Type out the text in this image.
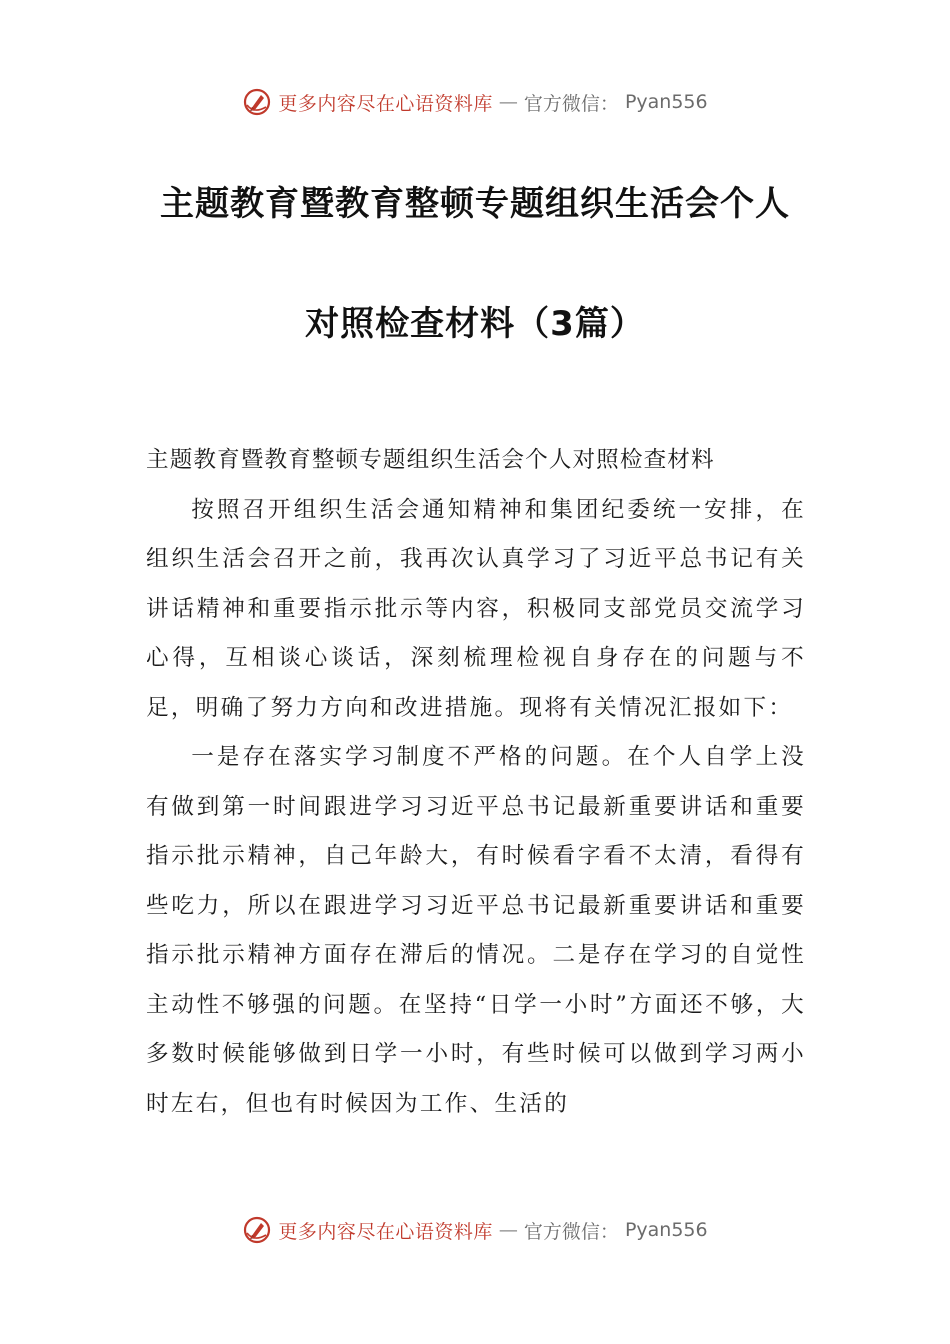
更多内容尽在心语资料库 — 官方微信： Pyan556
主题教育暨教育整顿专题组织生活会个人
对照检查材料（3篇）

主题教育暨教育整顿专题组织生活会个人对照检查材料

按照召开组织生活会通知精神和集团纪委统一安排，在组织生活会召开之前，我再次认真学习了习近平总书记有关讲话精神和重要指示批示等内容，积极同支部党员交流学习心得，互相谈心谈话，深刻梳理检视自身存在的问题与不足，明确了努力方向和改进措施。现将有关情况汇报如下：

一是存在落实学习制度不严格的问题。在个人自学上没有做到第一时间跟进学习习近平总书记最新重要讲话和重要指示批示精神，自己年龄大，有时候看字看不太清，看得有些吃力，所以在跟进学习习近平总书记最新重要讲话和重要指示批示精神方面存在滞后的情况。二是存在学习的自觉性主动性不够强的问题。在坚持“日学一小时”方面还不够，大多数时候能够做到日学一小时，有些时候可以做到学习两小时左右，但也有时候因为工作、生活的

更多内容尽在心语资料库 — 官方微信： Pyan556
